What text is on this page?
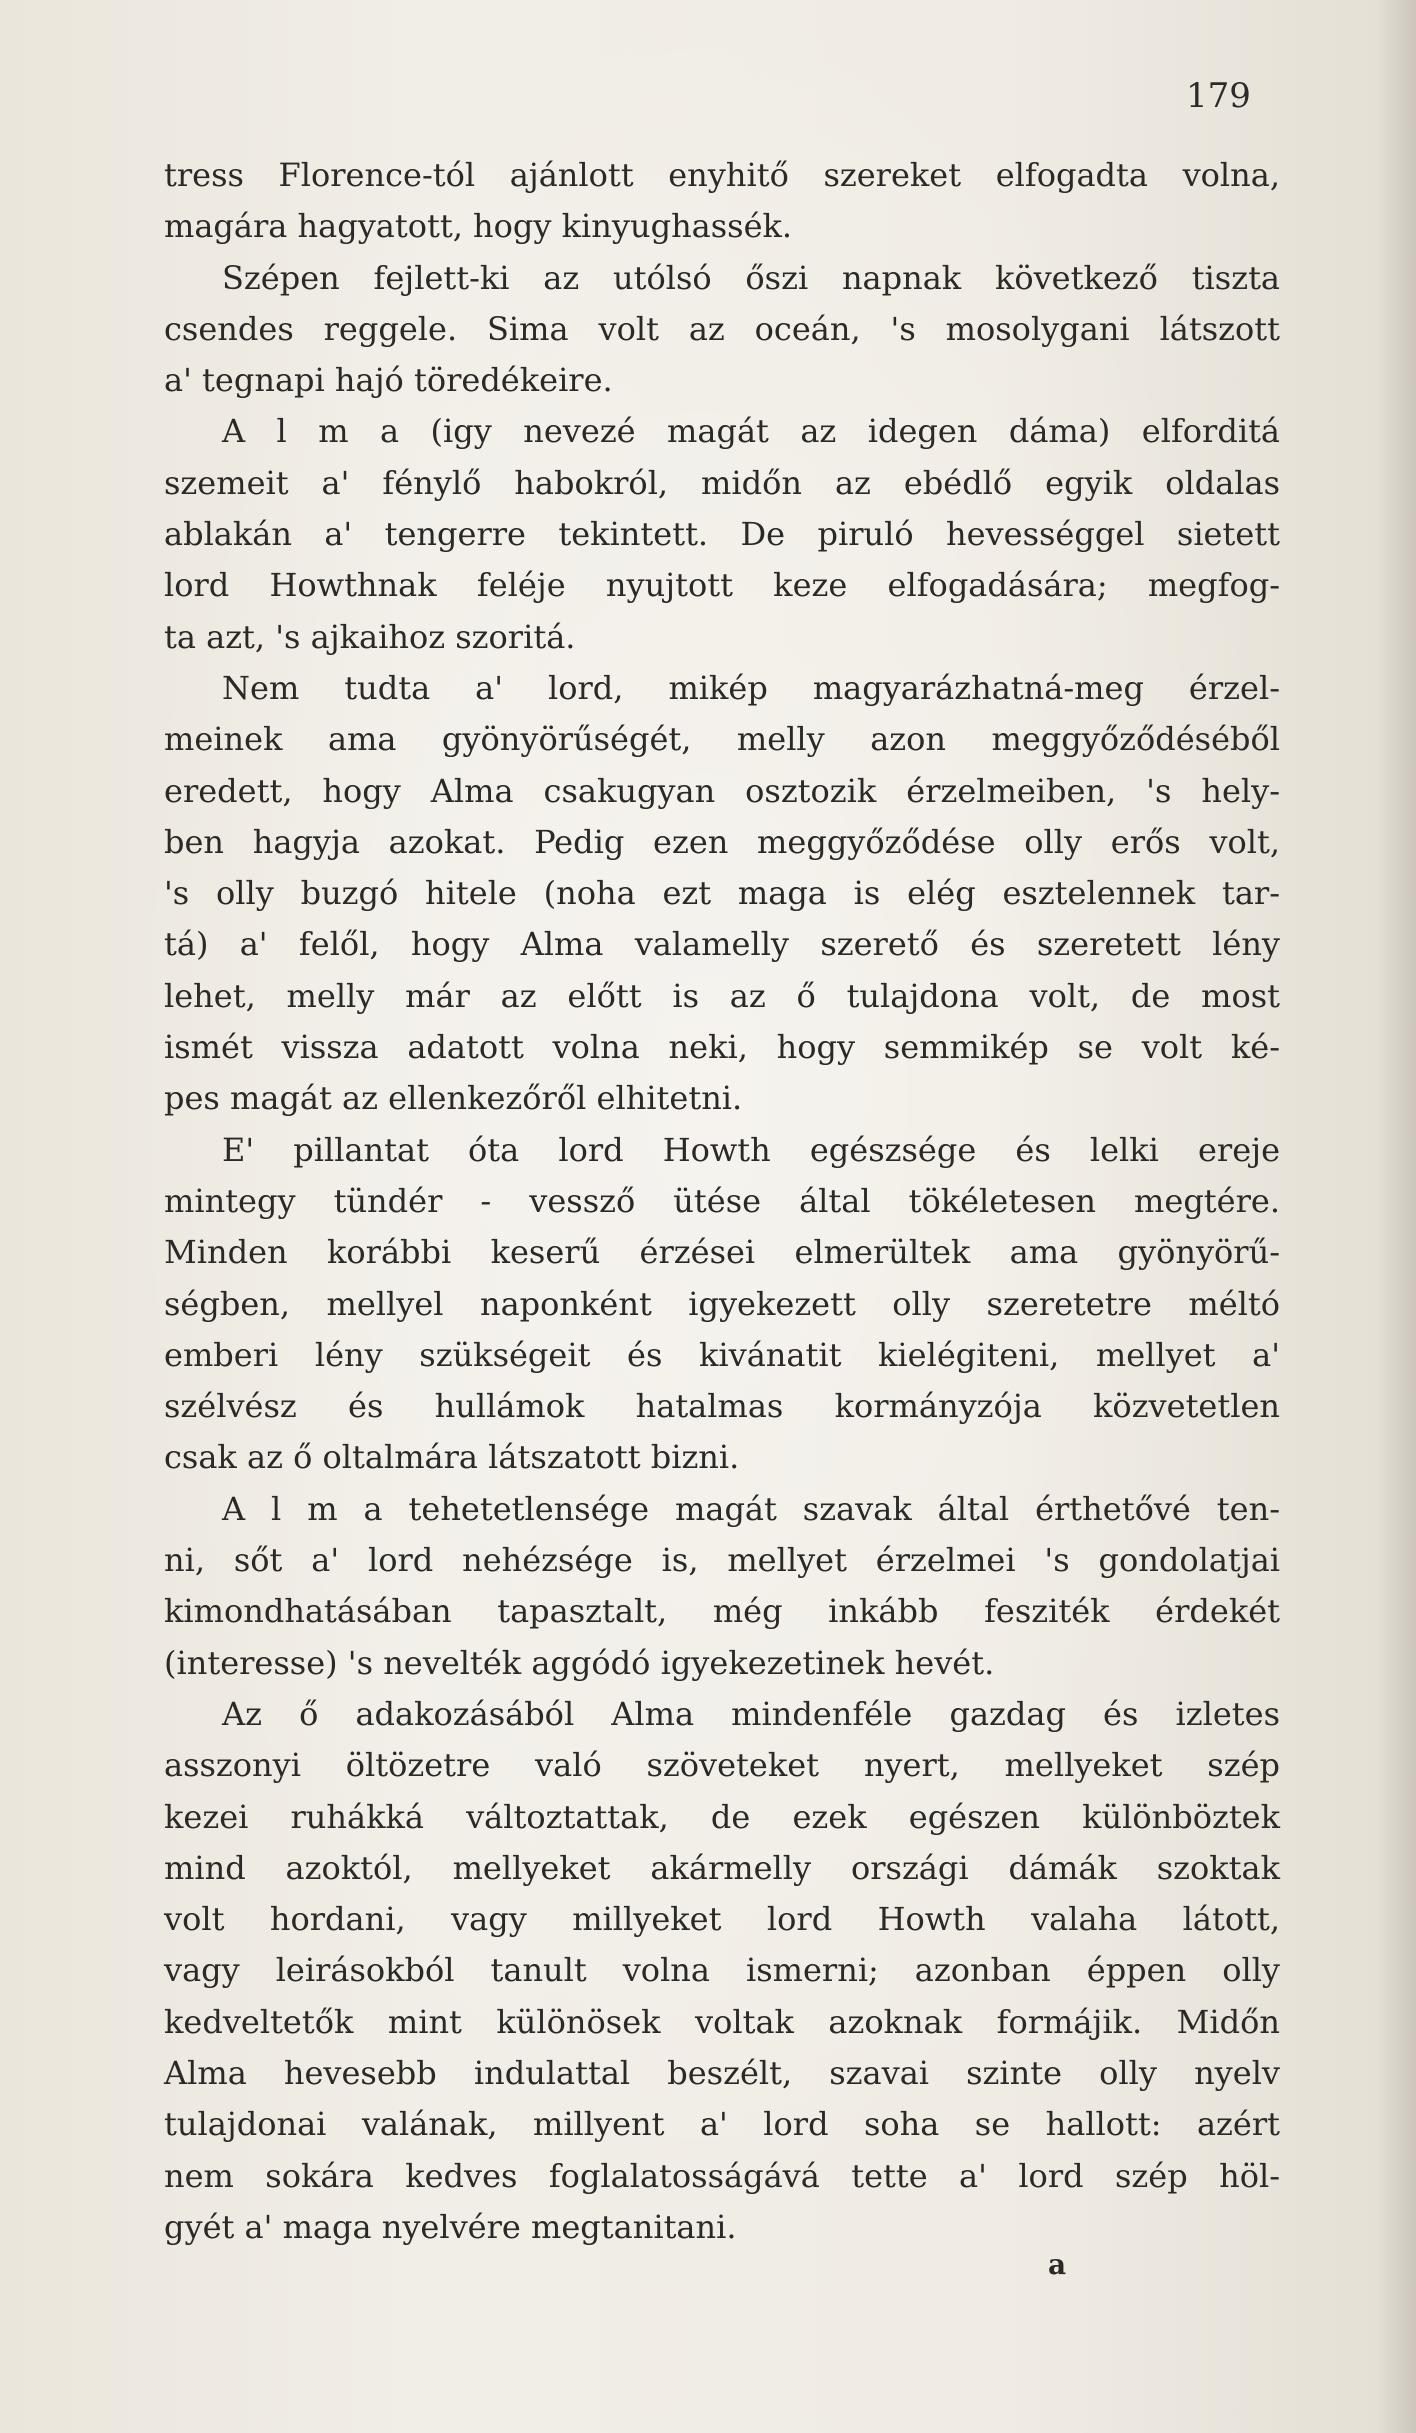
179
tress Florence-tól ajánlott enyhitő szereket elfogadta volna,
magára hagyatott, hogy kinyughassék.
Szépen fejlett-ki az utólsó őszi napnak következő tiszta
csendes reggele. Sima volt az oceán, 's mosolygani látszott
a' tegnapi hajó töredékeire.
A l m a (igy nevezé magát az idegen dáma) elforditá
szemeit a' fénylő habokról, midőn az ebédlő egyik oldalas
ablakán a' tengerre tekintett. De piruló hevességgel sietett
lord Howthnak feléje nyujtott keze elfogadására; megfog-
ta azt, 's ajkaihoz szoritá.
Nem tudta a' lord, mikép magyarázhatná-meg érzel-
meinek ama gyönyörűségét, melly azon meggyőződéséből
eredett, hogy Alma csakugyan osztozik érzelmeiben, 's hely-
ben hagyja azokat. Pedig ezen meggyőződése olly erős volt,
's olly buzgó hitele (noha ezt maga is elég esztelennek tar-
tá) a' felől, hogy Alma valamelly szerető és szeretett lény
lehet, melly már az előtt is az ő tulajdona volt, de most
ismét vissza adatott volna neki, hogy semmikép se volt ké-
pes magát az ellenkezőről elhitetni.
E' pillantat óta lord Howth egészsége és lelki ereje
mintegy tündér - vessző ütése által tökéletesen megtére.
Minden korábbi keserű érzései elmerültek ama gyönyörű-
ségben, mellyel naponként igyekezett olly szeretetre méltó
emberi lény szükségeit és kivánatit kielégiteni, mellyet a'
szélvész és hullámok hatalmas kormányzója közvetetlen
csak az ő oltalmára látszatott bizni.
A l m a tehetetlensége magát szavak által érthetővé ten-
ni, sőt a' lord nehézsége is, mellyet érzelmei 's gondolatjai
kimondhatásában tapasztalt, még inkább fesziték érdekét
(interesse) 's nevelték aggódó igyekezetinek hevét.
Az ő adakozásából Alma mindenféle gazdag és izletes
asszonyi öltözetre való szöveteket nyert, mellyeket szép
kezei ruhákká változtattak, de ezek egészen különböztek
mind azoktól, mellyeket akármelly országi dámák szoktak
volt hordani, vagy millyeket lord Howth valaha látott,
vagy leirásokból tanult volna ismerni; azonban éppen olly
kedveltetők mint különösek voltak azoknak formájik. Midőn
Alma hevesebb indulattal beszélt, szavai szinte olly nyelv
tulajdonai valának, millyent a' lord soha se hallott: azért
nem sokára kedves foglalatosságává tette a' lord szép höl-
gyét a' maga nyelvére megtanitani.
a
